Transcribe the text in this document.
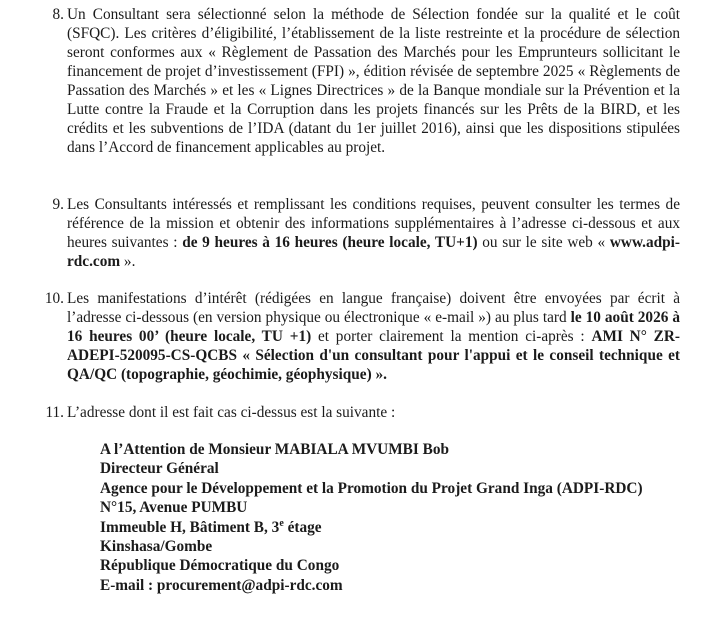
8. Un Consultant sera sélectionné selon la méthode de Sélection fondée sur la qualité et le coût (SFQC). Les critères d’éligibilité, l’établissement de la liste restreinte et la procédure de sélection seront conformes aux « Règlement de Passation des Marchés pour les Emprunteurs sollicitant le financement de projet d’investissement (FPI) », édition révisée de septembre 2025 « Règlements de Passation des Marchés » et les « Lignes Directrices » de la Banque mondiale sur la Prévention et la Lutte contre la Fraude et la Corruption dans les projets financés sur les Prêts de la BIRD, et les crédits et les subventions de l’IDA (datant du 1er juillet 2016), ainsi que les dispositions stipulées dans l’Accord de financement applicables au projet.
9. Les Consultants intéressés et remplissant les conditions requises, peuvent consulter les termes de référence de la mission et obtenir des informations supplémentaires à l’adresse ci-dessous et aux heures suivantes : de 9 heures à 16 heures (heure locale, TU+1) ou sur le site web « www.adpi-rdc.com ».
10. Les manifestations d’intérêt (rédigées en langue française) doivent être envoyées par écrit à l’adresse ci-dessous (en version physique ou électronique « e-mail ») au plus tard le 10 août 2026 à 16 heures 00’ (heure locale, TU +1) et porter clairement la mention ci-après : AMI N° ZR-ADEPI-520095-CS-QCBS « Sélection d'un consultant pour l'appui et le conseil technique et QA/QC (topographie, géochimie, géophysique) ».
11. L’adresse dont il est fait cas ci-dessus est la suivante :
A l’Attention de Monsieur MABIALA MVUMBI Bob
Directeur Général
Agence pour le Développement et la Promotion du Projet Grand Inga (ADPI-RDC)
N°15, Avenue PUMBU
Immeuble H, Bâtiment B, 3e étage
Kinshasa/Gombe
République Démocratique du Congo
E-mail : procurement@adpi-rdc.com
